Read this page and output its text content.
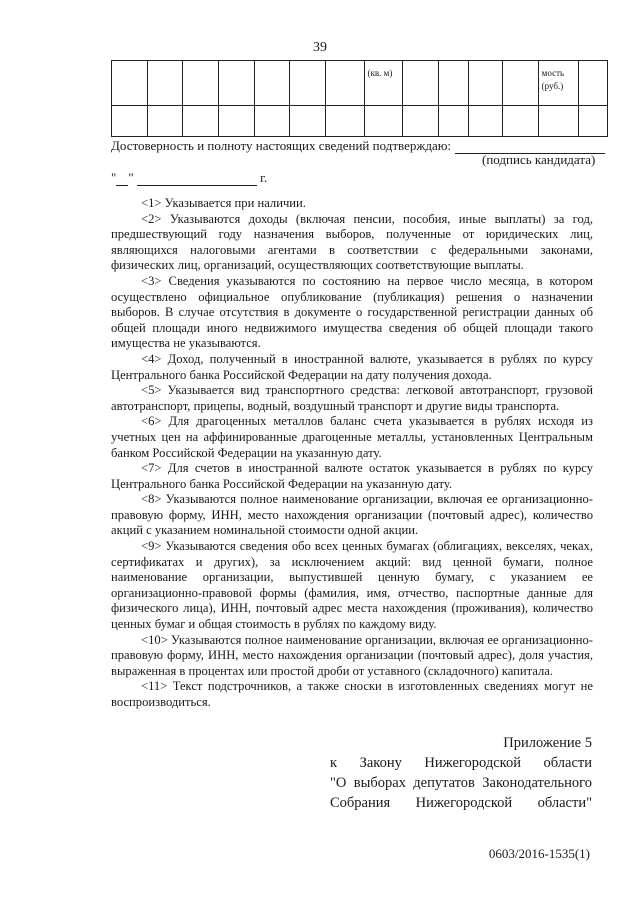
39
							(кв. м)					мость (руб.)	

Достоверность и полноту настоящих сведений подтверждаю:
(подпись кандидата)
" "	г.

<1> Указывается при наличии.

<2> Указываются доходы (включая пенсии, пособия, иные выплаты) за год, предшествующий году назначения выборов, полученные от юридических лиц, являющихся налоговыми агентами в соответствии с федеральными законами, физических лиц, организаций, осуществляющих соответствующие выплаты.

<3> Сведения указываются по состоянию на первое число месяца, в котором осуществлено официальное опубликование (публикация) решения о назначении выборов. В случае отсутствия в документе о государственной регистрации данных об общей площади иного недвижимого имущества сведения об общей площади такого имущества не указываются.

<4> Доход, полученный в иностранной валюте, указывается в рублях по курсу Центрального банка Российской Федерации на дату получения дохода.

<5> Указывается вид транспортного средства: легковой автотранспорт, грузовой автотранспорт, прицепы, водный, воздушный транспорт и другие виды транспорта.

<6> Для драгоценных металлов баланс счета указывается в рублях исходя из учетных цен на аффинированные драгоценные металлы, установленных Центральным банком Российской Федерации на указанную дату.

<7> Для счетов в иностранной валюте остаток указывается в рублях по курсу Центрального банка Российской Федерации на указанную дату.

<8> Указываются полное наименование организации, включая ее организационно-правовую форму, ИНН, место нахождения организации (почтовый адрес), количество акций с указанием номинальной стоимости одной акции.

<9> Указываются сведения обо всех ценных бумагах (облигациях, векселях, чеках, сертификатах и других), за исключением акций: вид ценной бумаги, полное наименование организации, выпустившей ценную бумагу, с указанием ее организационно-правовой формы (фамилия, имя, отчество, паспортные данные для физического лица), ИНН, почтовый адрес места нахождения (проживания), количество ценных бумаг и общая стоимость в рублях по каждому виду.

<10> Указываются полное наименование организации, включая ее организационно-правовую форму, ИНН, место нахождения организации (почтовый адрес), доля участия, выраженная в процентах или простой дроби от уставного (складочного) капитала.

<11> Текст подстрочников, а также сноски в изготовленных сведениях могут не воспроизводиться.

Приложение 5
к Закону Нижегородской области
"О выборах депутатов Законодательного
Собрания Нижегородской области"
0603/2016-1535(1)
